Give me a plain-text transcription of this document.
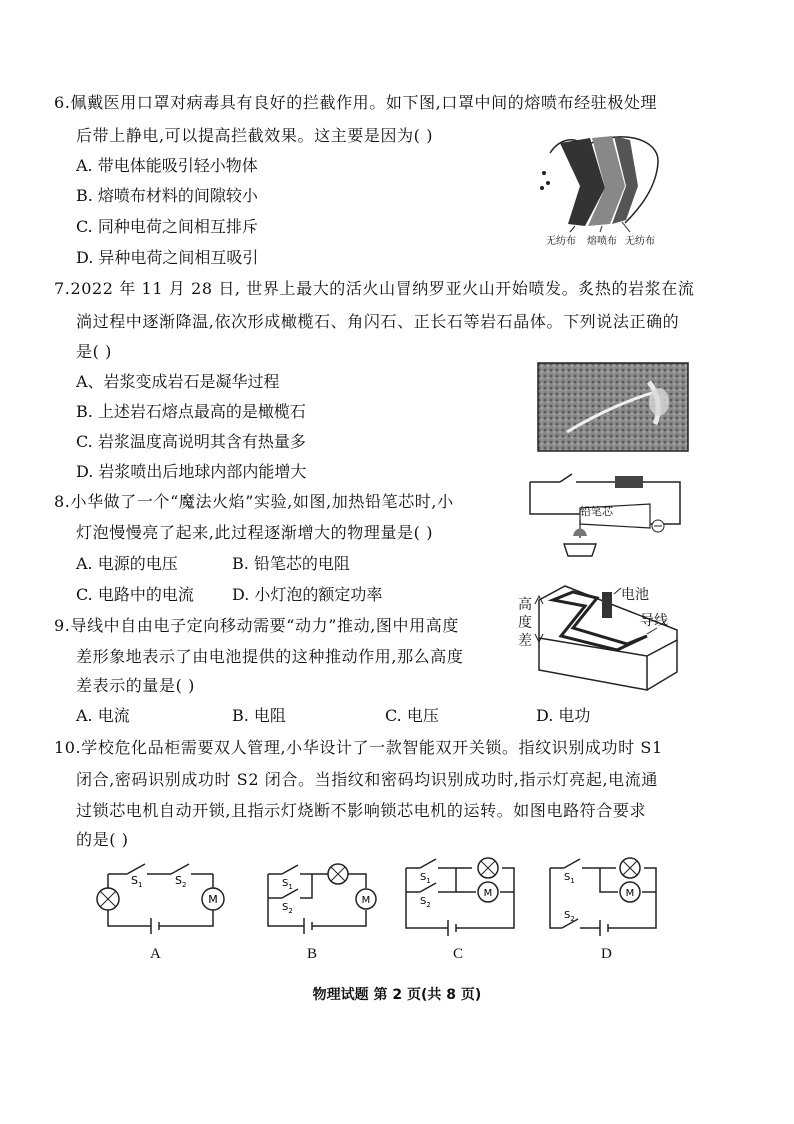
6.佩戴医用口罩对病毒具有良好的拦截作用。如下图,口罩中间的熔喷布经驻极处理
后带上静电,可以提高拦截效果。这主要是因为( )
A. 带电体能吸引轻小物体
B. 熔喷布材料的间隙较小
C. 同种电荷之间相互排斥
D. 异种电荷之间相互吸引
无纺布 熔喷布 无纺布
7.2022 年 11 月 28 日, 世界上最大的活火山冒纳罗亚火山开始喷发。炙热的岩浆在流
淌过程中逐渐降温,依次形成橄榄石、角闪石、正长石等岩石晶体。下列说法正确的
是( )
A、岩浆变成岩石是凝华过程
B. 上述岩石熔点最高的是橄榄石
C. 岩浆温度高说明其含有热量多
D. 岩浆喷出后地球内部内能增大
8.小华做了一个“魔法火焰”实验,如图,加热铅笔芯时,小
灯泡慢慢亮了起来,此过程逐渐增大的物理量是( )
A. 电源的电压	B. 铅笔芯的电阻
C. 电路中的电流 D. 小灯泡的额定功率
铅笔芯
9.导线中自由电子定向移动需要“动力”推动,图中用高度
差形象地表示了由电池提供的这种推动作用,那么高度
差表示的量是( )
A. 电流	B. 电阻	C. 电压	D. 电功
电池
导线
高
度
差
10.学校危化品柜需要双人管理,小华设计了一款智能双开关锁。指纹识别成功时 S1
闭合,密码识别成功时 S2 闭合。当指纹和密码均识别成功时,指示灯亮起,电流通
过锁芯电机自动开锁,且指示灯烧断不影响锁芯电机的运转。如图电路符合要求
的是( )
M
$S_1$	$S_2$
A
M
$S_1$
$S_2$
B
M
$S_1$
$S_2$
C
M
$S_1$
$S_2$
D
物理试题 第 2 页(共 8 页)
